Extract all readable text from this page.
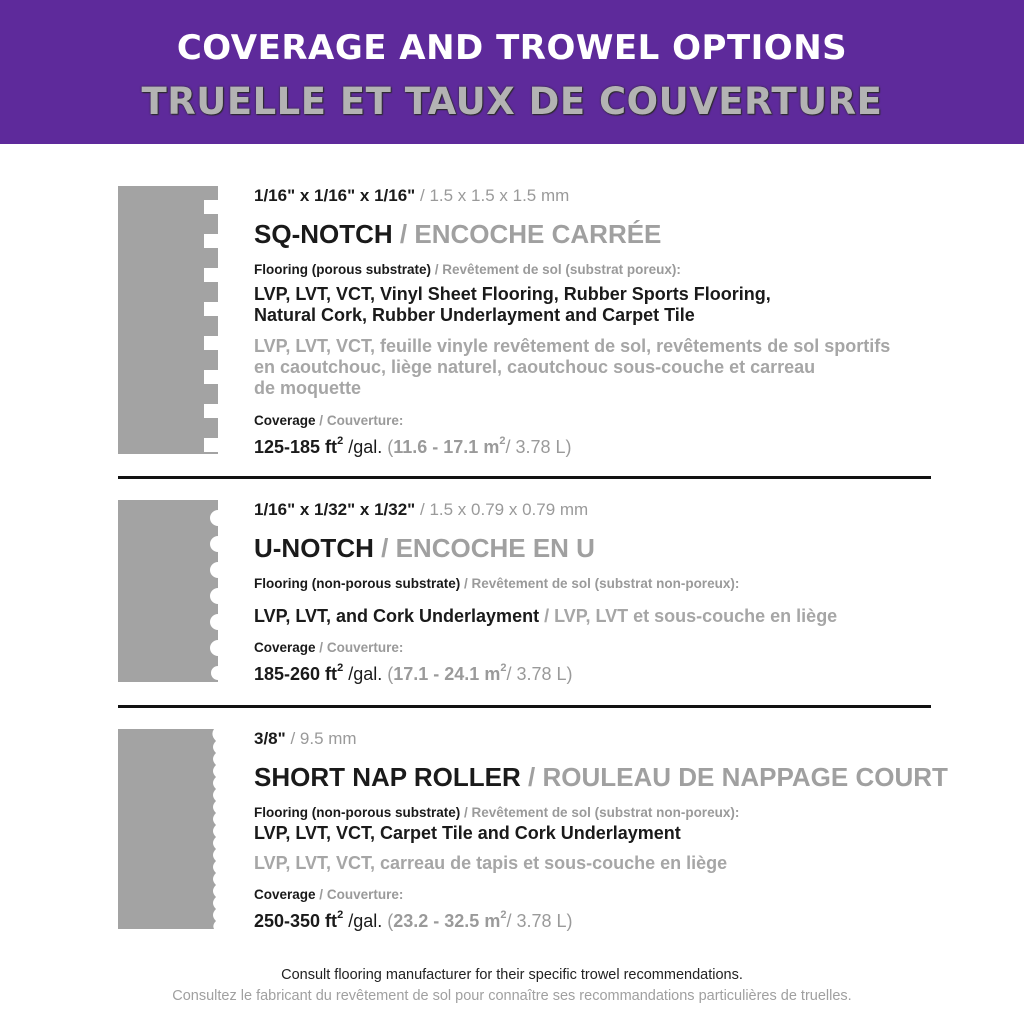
COVERAGE AND TROWEL OPTIONS
TRUELLE ET TAUX DE COUVERTURE
1/16" x 1/16" x 1/16" / 1.5 x 1.5 x 1.5 mm
SQ-NOTCH / ENCOCHE CARRÉE
Flooring (porous substrate) / Revêtement de sol (substrat poreux):
LVP, LVT, VCT, Vinyl Sheet Flooring, Rubber Sports Flooring,
Natural Cork, Rubber Underlayment and Carpet Tile
LVP, LVT, VCT, feuille vinyle revêtement de sol, revêtements de sol sportifs
en caoutchouc, liège naturel, caoutchouc sous-couche et carreau
de moquette
Coverage / Couverture:
125-185 $ft^2$ /gal. (11.6 - 17.1 $m^2/$ 3.78 L)
1/16" x 1/32" x 1/32" / 1.5 x 0.79 x 0.79 mm
U-NOTCH / ENCOCHE EN U
Flooring (non-porous substrate) / Revêtement de sol (substrat non-poreux):
LVP, LVT, and Cork Underlayment / LVP, LVT et sous-couche en liège
Coverage / Couverture:
185-260 $ft^2$ /gal. (17.1 - 24.1 $m^2/$ 3.78 L)
3/8" / 9.5 mm
SHORT NAP ROLLER / ROULEAU DE NAPPAGE COURT
Flooring (non-porous substrate) / Revêtement de sol (substrat non-poreux):
LVP, LVT, VCT, Carpet Tile and Cork Underlayment
LVP, LVT, VCT, carreau de tapis et sous-couche en liège
Coverage / Couverture:
250-350 $ft^2$ /gal. (23.2 - 32.5 $m^2/$ 3.78 L)
Consult flooring manufacturer for their specific trowel recommendations.
Consultez le fabricant du revêtement de sol pour connaître ses recommandations particulières de truelles.
